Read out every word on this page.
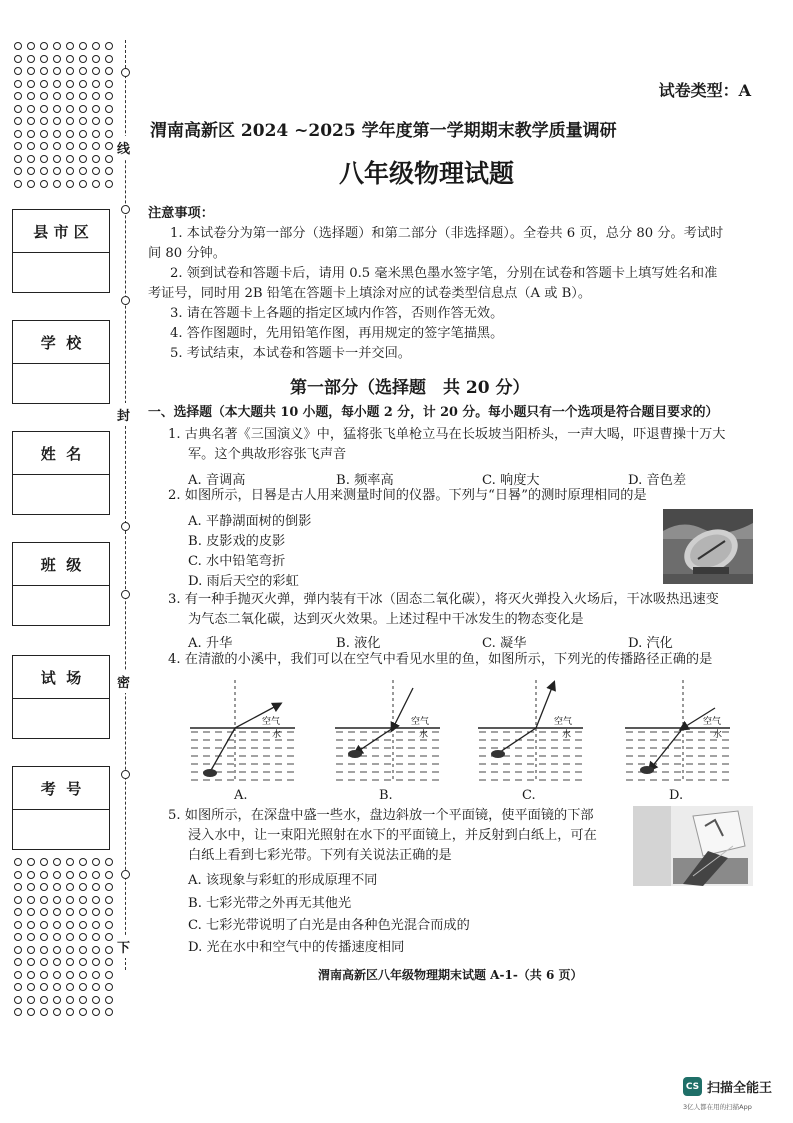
县 市 区
学  校
姓  名
班  级
试  场
考  号
线
封
密
下
试卷类型：A
渭南高新区 2024 ~2025 学年度第一学期期末教学质量调研
八年级物理试题
注意事项：
1. 本试卷分为第一部分（选择题）和第二部分（非选择题）。全卷共 6 页，总分 80 分。考试时
间 80 分钟。
2. 领到试卷和答题卡后，请用 0.5 毫米黑色墨水签字笔，分别在试卷和答题卡上填写姓名和准
考证号，同时用 2B 铅笔在答题卡上填涂对应的试卷类型信息点（A 或 B）。
3. 请在答题卡上各题的指定区域内作答，否则作答无效。
4. 答作图题时，先用铅笔作图，再用规定的签字笔描黑。
5. 考试结束，本试卷和答题卡一并交回。
第一部分（选择题　共 20 分）
一、选择题（本大题共 10 小题，每小题 2 分，计 20 分。每小题只有一个选项是符合题目要求的）
1. 古典名著《三国演义》中，猛将张飞单枪立马在长坂坡当阳桥头，一声大喝，吓退曹操十万大
军。这个典故形容张飞声音
A. 音调高	B. 频率高	C. 响度大	D. 音色差
2. 如图所示，日晷是古人用来测量时间的仪器。下列与“日晷”的测时原理相同的是
A. 平静湖面树的倒影
B. 皮影戏的皮影
C. 水中铅笔弯折
D. 雨后天空的彩虹
3. 有一种手抛灭火弹，弹内装有干冰（固态二氧化碳），将灭火弹投入火场后，干冰吸热迅速变
为气态二氧化碳，达到灭火效果。上述过程中干冰发生的物态变化是
A. 升华	B. 液化	C. 凝华	D. 汽化
4. 在清澈的小溪中，我们可以在空气中看见水里的鱼，如图所示，下列光的传播路径正确的是
空气
水
A.
空气
水
B.
空气
水
C.
空气
水
D.
5. 如图所示，在深盘中盛一些水，盘边斜放一个平面镜，使平面镜的下部
浸入水中，让一束阳光照射在水下的平面镜上，并反射到白纸上，可在
白纸上看到七彩光带。下列有关说法正确的是
A. 该现象与彩虹的形成原理不同
B. 七彩光带之外再无其他光
C. 七彩光带说明了白光是由各种色光混合而成的
D. 光在水中和空气中的传播速度相同
渭南高新区八年级物理期末试题 A-1-（共 6 页）
CS 扫描全能王
3亿人都在用的扫描App
